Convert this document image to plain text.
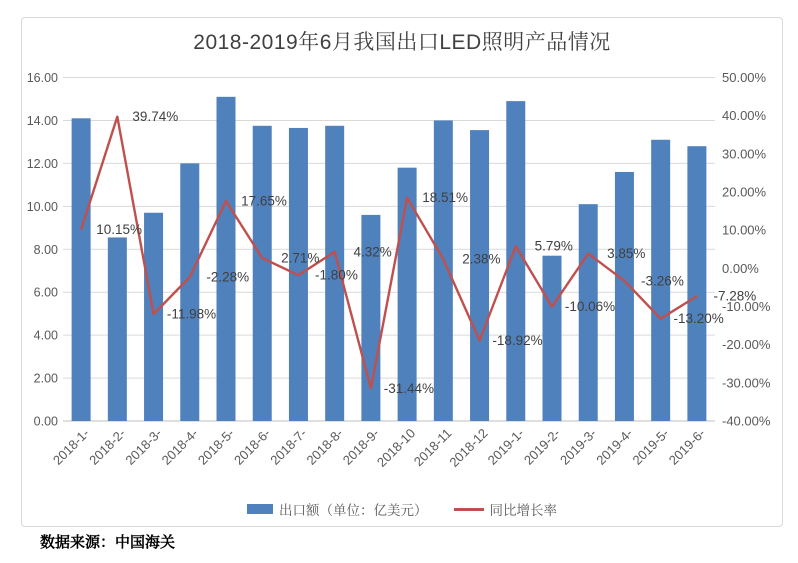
2018-2019年6月我国出口LED照明产品情况
16.00
14.00
12.00
10.00
8.00
6.00
4.00
2.00
0.00
50.00%
40.00%
30.00%
20.00%
10.00%
0.00%
-10.00%
-20.00%
-30.00%
-40.00%
2018-1-
2018-2-
2018-3-
2018-4-
2018-5-
2018-6-
2018-7-
2018-8-
2018-9-
2018-10
2018-11
2018-12
2019-1-
2019-2-
2019-3-
2019-4-
2019-5-
2019-6-
10.15%
39.74%
-11.98%
-2.28%
17.65%
2.71%
-1.80%
4.32%
-31.44%
18.51%
2.38%
-18.92%
5.79%
-10.06%
3.85%
-3.26%
-13.20%
-7.28%
出口额（单位：亿美元）	同比增长率
数据来源：中国海关
